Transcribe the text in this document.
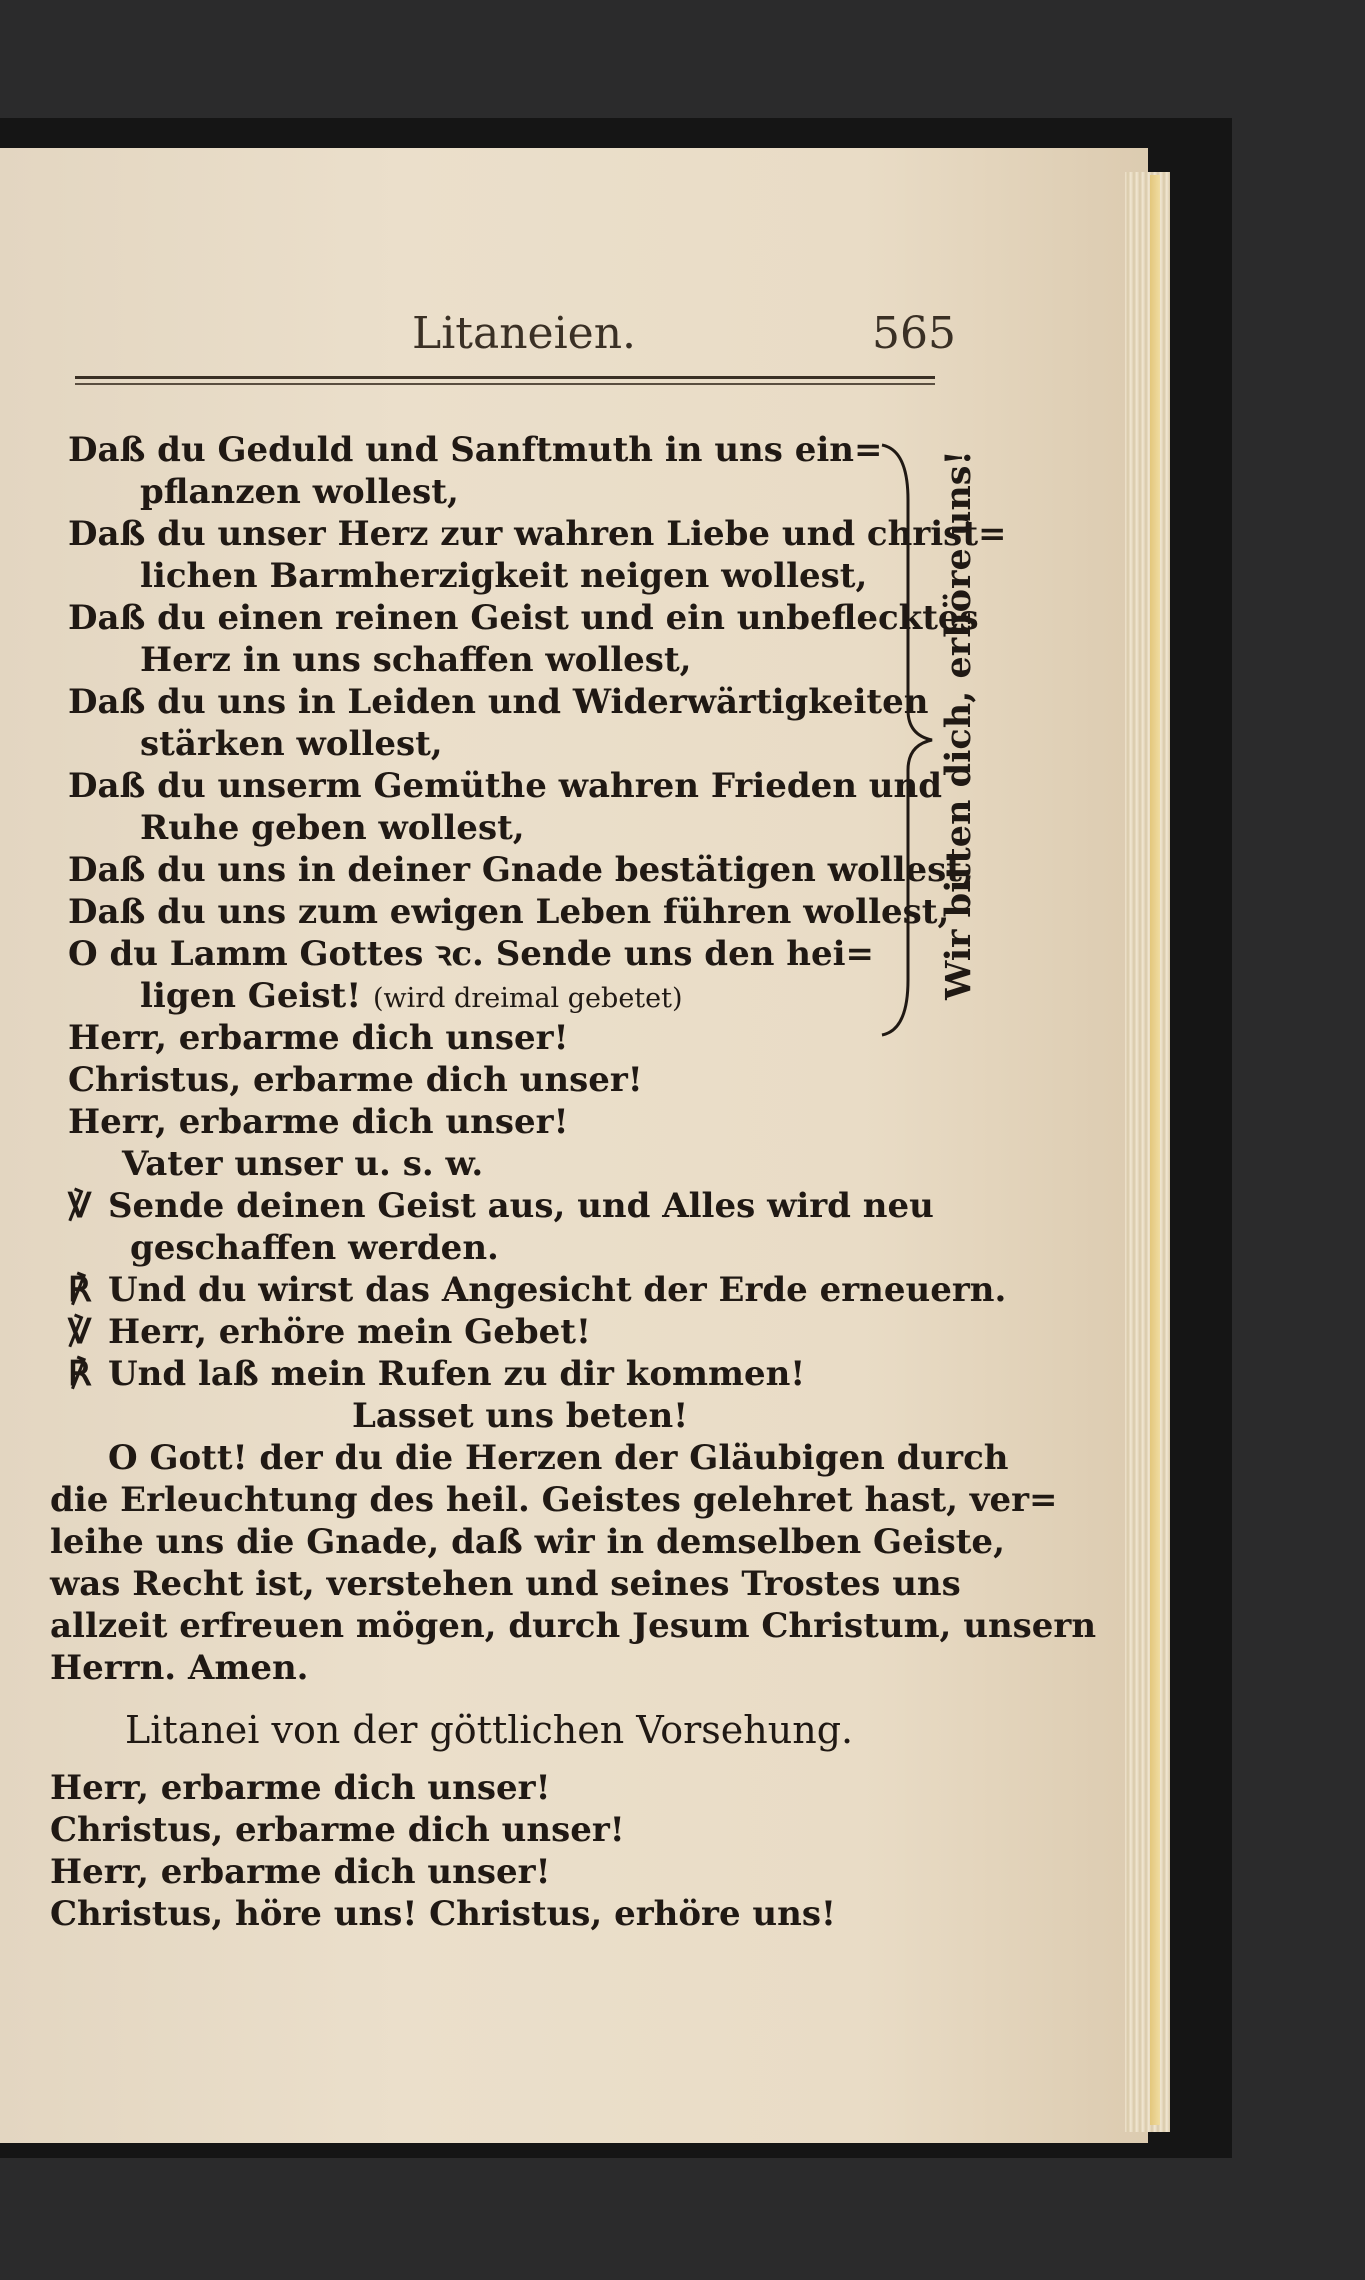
Litaneien.	565
Daß du Geduld und Sanftmuth in uns ein=
pflanzen wollest,
Daß du unser Herz zur wahren Liebe und christ=
lichen Barmherzigkeit neigen wollest,
Daß du einen reinen Geist und ein unbeflecktes
Herz in uns schaffen wollest,
Daß du uns in Leiden und Widerwärtigkeiten
stärken wollest,
Daß du unserm Gemüthe wahren Frieden und
Ruhe geben wollest,
Daß du uns in deiner Gnade bestätigen wollest,
Daß du uns zum ewigen Leben führen wollest,
O du Lamm Gottes ꝛc. Sende uns den hei=
ligen Geist! (wird dreimal gebetet)
Herr, erbarme dich unser!
Christus, erbarme dich unser!
Herr, erbarme dich unser!
Vater unser u. s. w.
℣ Sende deinen Geist aus, und Alles wird neu
geschaffen werden.
℟ Und du wirst das Angesicht der Erde erneuern.
℣ Herr, erhöre mein Gebet!
℟ Und laß mein Rufen zu dir kommen!
Lasset uns beten!
O Gott! der du die Herzen der Gläubigen durch
die Erleuchtung des heil. Geistes gelehret hast, ver=
leihe uns die Gnade, daß wir in demselben Geiste,
was Recht ist, verstehen und seines Trostes uns
allzeit erfreuen mögen, durch Jesum Christum, unsern
Herrn. Amen.
Litanei von der göttlichen Vorsehung.
Herr, erbarme dich unser!
Christus, erbarme dich unser!
Herr, erbarme dich unser!
Christus, höre uns! Christus, erhöre uns!
Wir bitten dich, erhöre uns!
